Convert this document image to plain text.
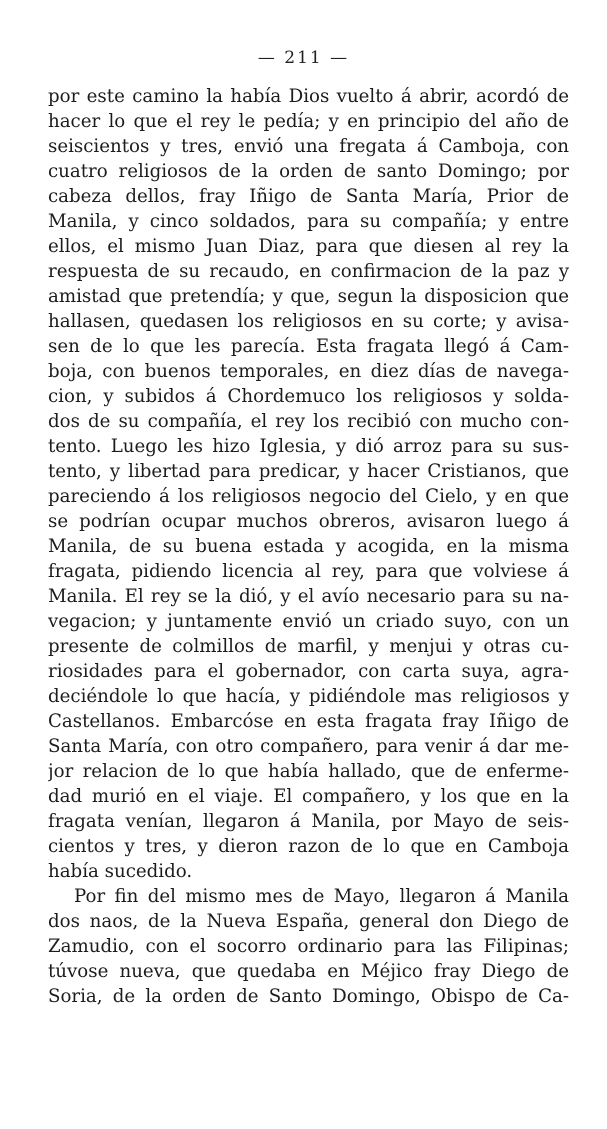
— 211 —
por este camino la había Dios vuelto á abrir, acordó de
hacer lo que el rey le pedía; y en principio del año de
seiscientos y tres, envió una fregata á Camboja, con
cuatro religiosos de la orden de santo Domingo; por
cabeza dellos, fray Iñigo de Santa María, Prior de
Manila, y cinco soldados, para su compañía; y entre
ellos, el mismo Juan Diaz, para que diesen al rey la
respuesta de su recaudo, en confirmacion de la paz y
amistad que pretendía; y que, segun la disposicion que
hallasen, quedasen los religiosos en su corte; y avisa-
sen de lo que les parecía. Esta fragata llegó á Cam-
boja, con buenos temporales, en diez días de navega-
cion, y subidos á Chordemuco los religiosos y solda-
dos de su compañía, el rey los recibió con mucho con-
tento. Luego les hizo Iglesia, y dió arroz para su sus-
tento, y libertad para predicar, y hacer Cristianos, que
pareciendo á los religiosos negocio del Cielo, y en que
se podrían ocupar muchos obreros, avisaron luego á
Manila, de su buena estada y acogida, en la misma
fragata, pidiendo licencia al rey, para que volviese á
Manila. El rey se la dió, y el avío necesario para su na-
vegacion; y juntamente envió un criado suyo, con un
presente de colmillos de marfil, y menjui y otras cu-
riosidades para el gobernador, con carta suya, agra-
deciéndole lo que hacía, y pidiéndole mas religiosos y
Castellanos. Embarcóse en esta fragata fray Iñigo de
Santa María, con otro compañero, para venir á dar me-
jor relacion de lo que había hallado, que de enferme-
dad murió en el viaje. El compañero, y los que en la
fragata venían, llegaron á Manila, por Mayo de seis-
cientos y tres, y dieron razon de lo que en Camboja
había sucedido.
Por fin del mismo mes de Mayo, llegaron á Manila
dos naos, de la Nueva España, general don Diego de
Zamudio, con el socorro ordinario para las Filipinas;
túvose nueva, que quedaba en Méjico fray Diego de
Soria, de la orden de Santo Domingo, Obispo de Ca-
